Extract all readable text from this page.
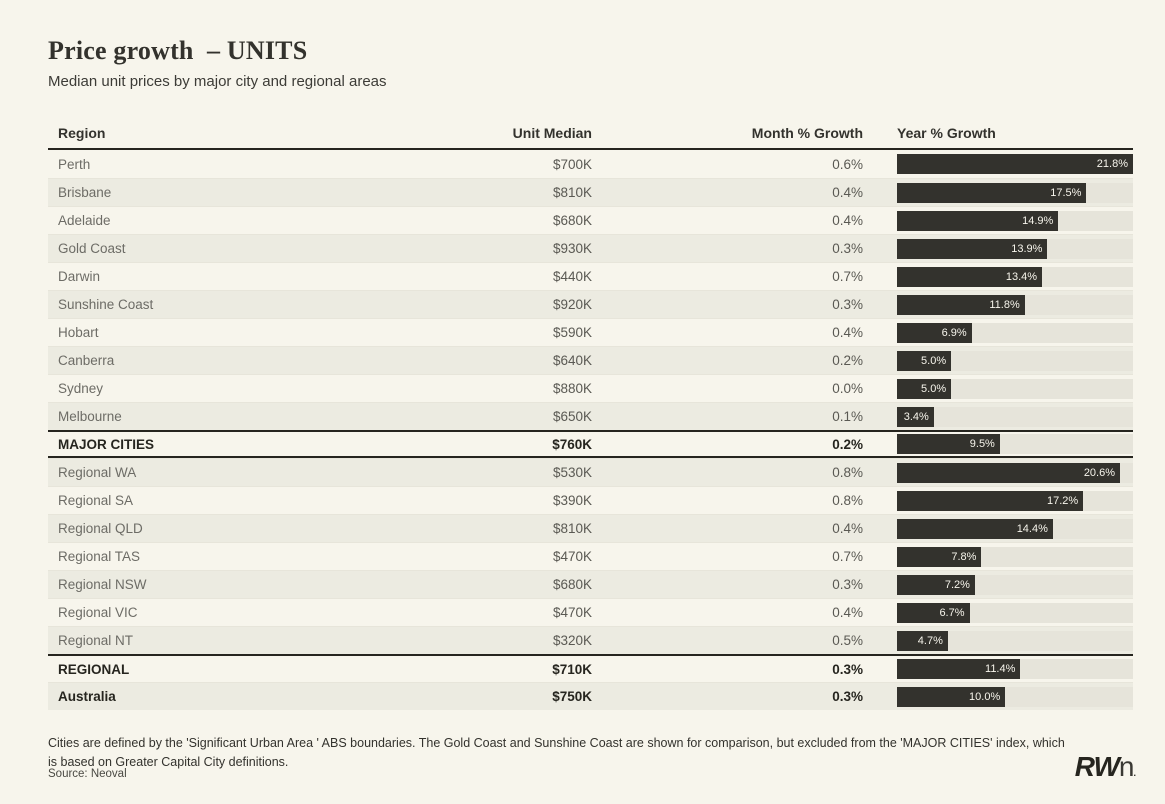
Price growth  – UNITS
Median unit prices by major city and regional areas
Region	Unit Median	Month % Growth	Year % Growth
Perth	$700K	0.6%	21.8%
Brisbane	$810K	0.4%	17.5%
Adelaide	$680K	0.4%	14.9%
Gold Coast	$930K	0.3%	13.9%
Darwin	$440K	0.7%	13.4%
Sunshine Coast	$920K	0.3%	11.8%
Hobart	$590K	0.4%	6.9%
Canberra	$640K	0.2%	5.0%
Sydney	$880K	0.0%	5.0%
Melbourne	$650K	0.1%	3.4%
MAJOR CITIES	$760K	0.2%	9.5%
Regional WA	$530K	0.8%	20.6%
Regional SA	$390K	0.8%	17.2%
Regional QLD	$810K	0.4%	14.4%
Regional TAS	$470K	0.7%	7.8%
Regional NSW	$680K	0.3%	7.2%
Regional VIC	$470K	0.4%	6.7%
Regional NT	$320K	0.5%	4.7%
REGIONAL	$710K	0.3%	11.4%
Australia	$750K	0.3%	10.0%
Cities are defined by the 'Significant Urban Area ' ABS boundaries. The Gold Coast and Sunshine Coast are shown for comparison, but excluded from the 'MAJOR CITIES' index, which is based on Greater Capital City definitions.
Source: Neoval	RWn.
